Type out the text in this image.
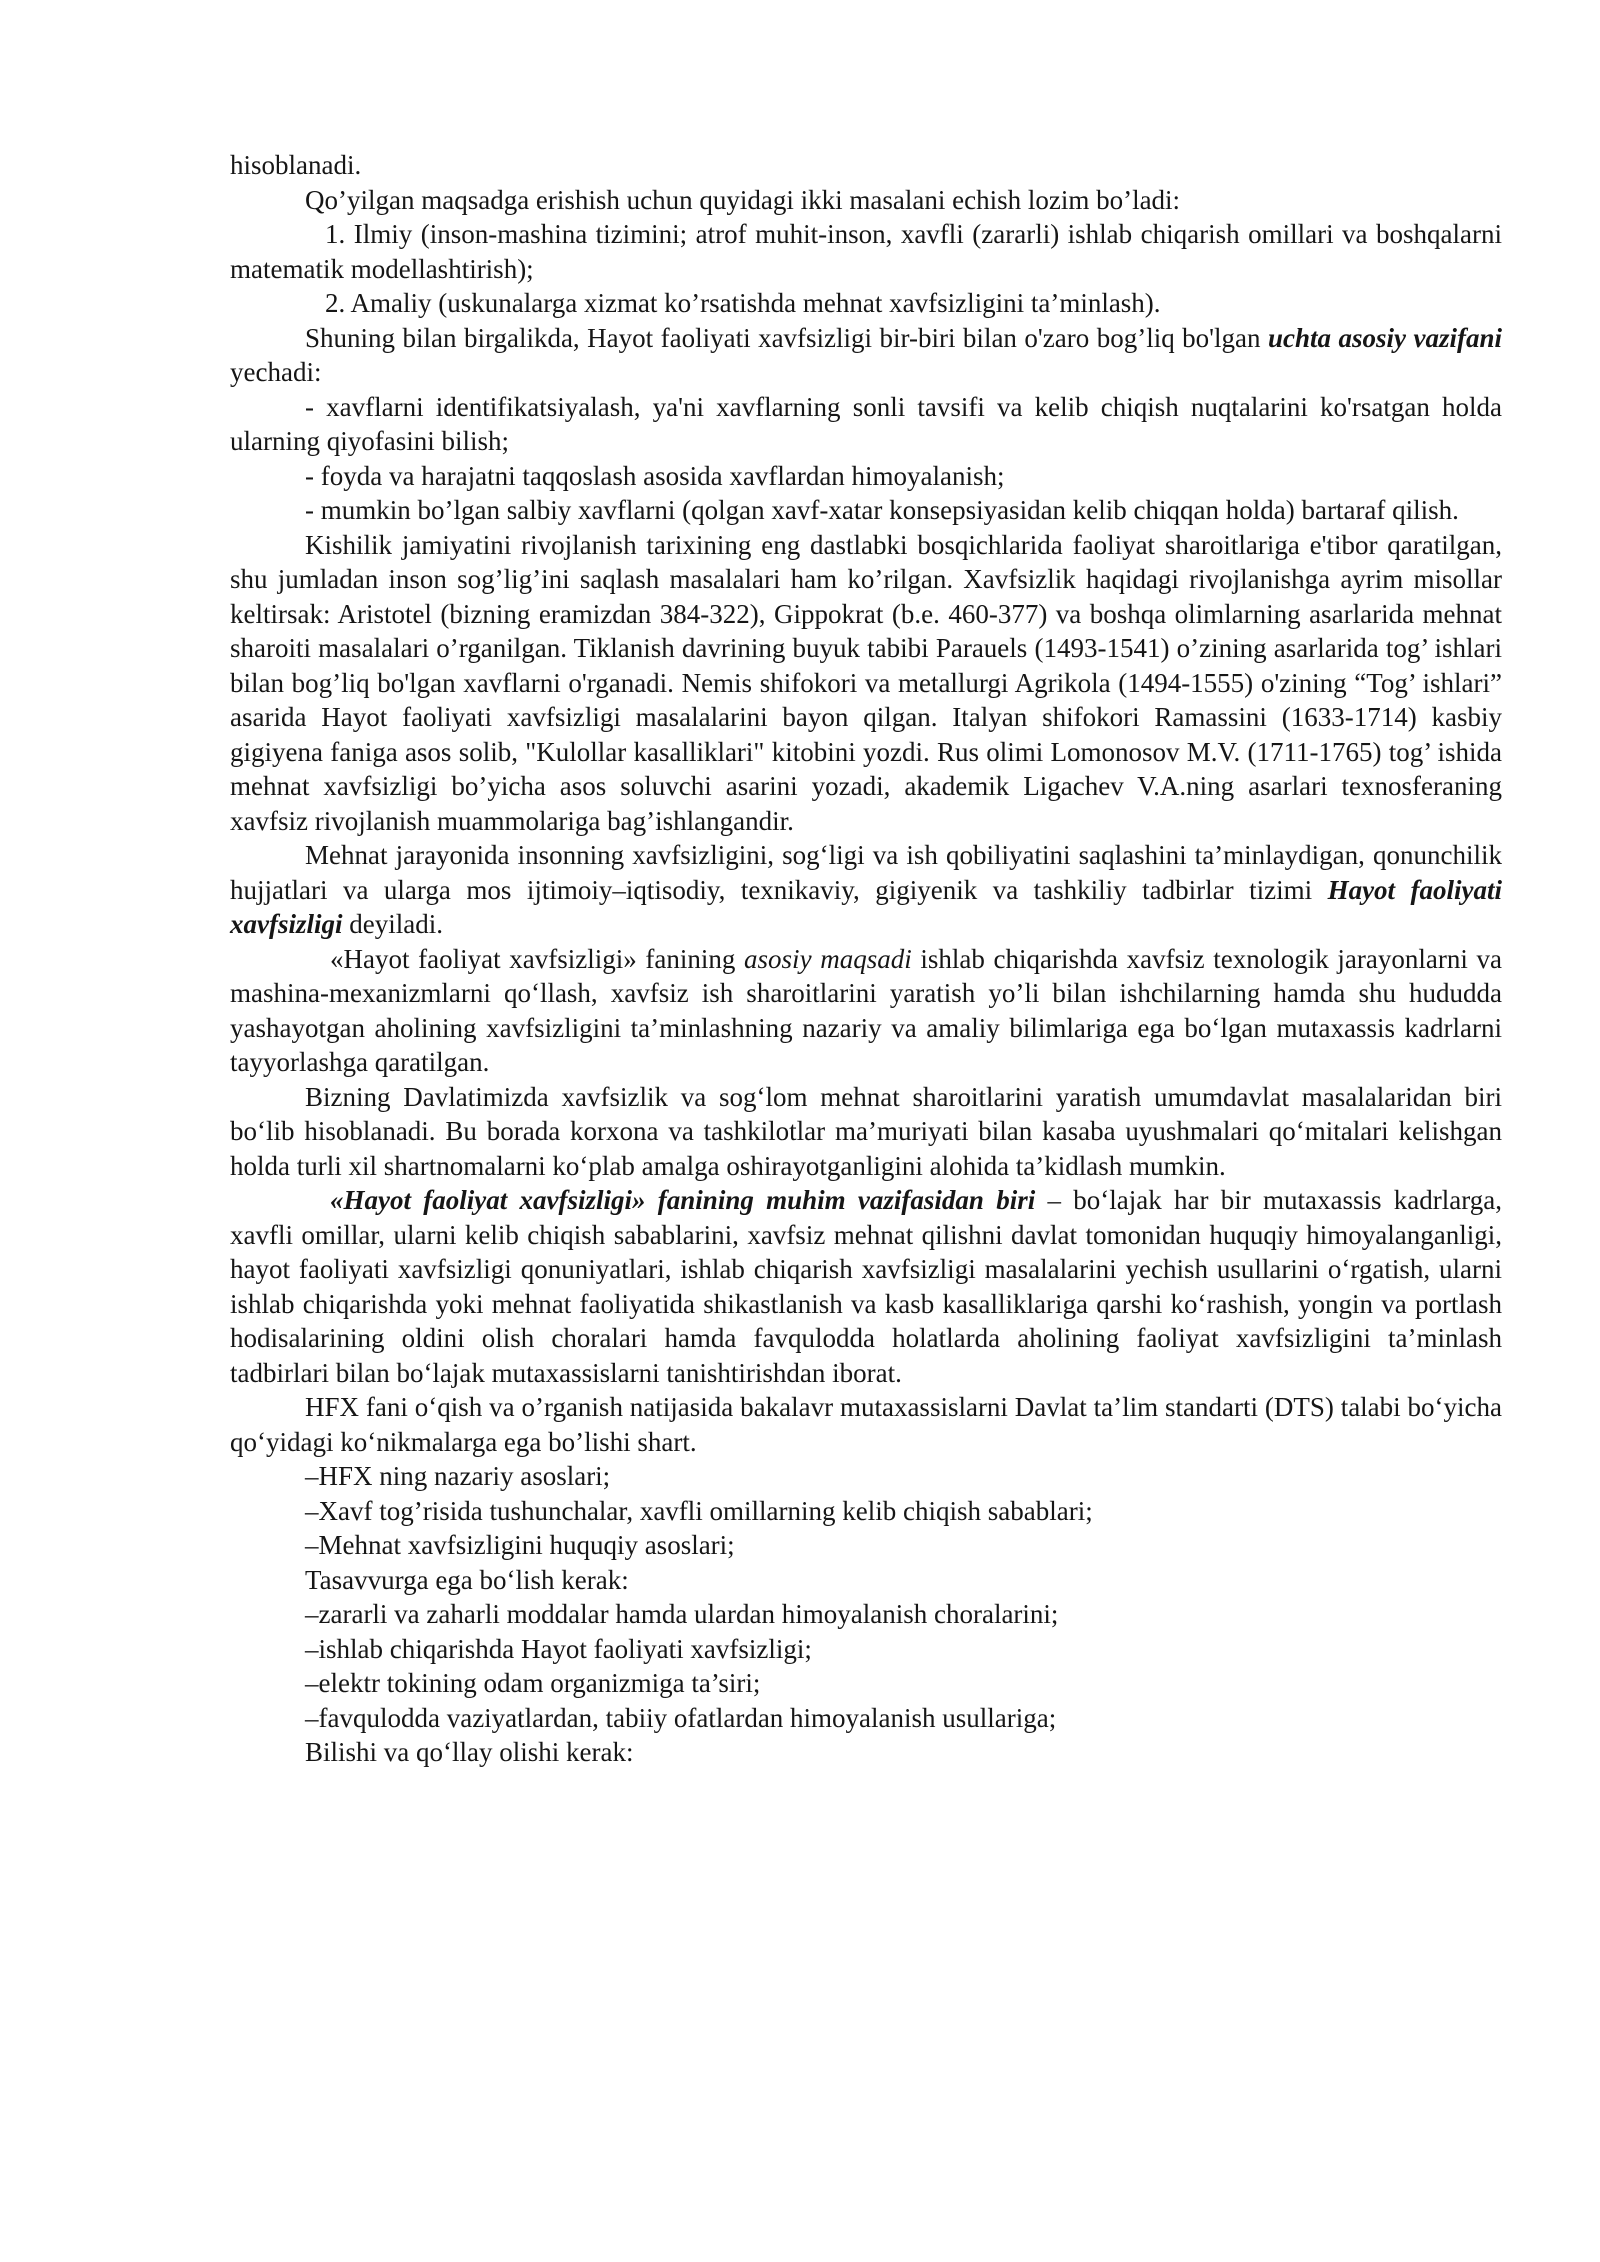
hisoblanadi.

Qo’yilgan maqsadga erishish uchun quyidagi ikki masalani echish lozim bo’ladi:

1. Ilmiy (inson-mashina tizimini; atrof muhit-inson, xavfli (zararli) ishlab chiqarish omillari va boshqalarni matematik modellashtirish);

2. Amaliy (uskunalarga xizmat ko’rsatishda mehnat xavfsizligini ta’minlash).

Shuning bilan birgalikda, Hayot faoliyati xavfsizligi bir-biri bilan o'zaro bog’liq bo'lgan uchta asosiy vazifani yechadi:

- xavflarni identifikatsiyalash, ya'ni xavflarning sonli tavsifi va kelib chiqish nuqtalarini ko'rsatgan holda ularning qiyofasini bilish;

- foyda va harajatni taqqoslash asosida xavflardan himoyalanish;

- mumkin bo’lgan salbiy xavflarni (qolgan xavf-xatar konsepsiyasidan kelib chiqqan holda) bartaraf qilish.

Kishilik jamiyatini rivojlanish tarixining eng dastlabki bosqichlarida faoliyat sharoitlariga e'tibor qaratilgan, shu jumladan inson sog’lig’ini saqlash masalalari ham ko’rilgan. Xavfsizlik haqidagi rivojlanishga ayrim misollar keltirsak: Aristotel (bizning eramizdan 384-322), Gippokrat (b.e. 460-377) va boshqa olimlarning asarlarida mehnat sharoiti masalalari o’rganilgan. Tiklanish davrining buyuk tabibi Parauels (1493-1541) o’zining asarlarida tog’ ishlari bilan bog’liq bo'lgan xavflarni o'rganadi. Nemis shifokori va metallurgi Agrikola (1494-1555) o'zining “Tog’ ishlari” asarida Hayot faoliyati xavfsizligi masalalarini bayon qilgan. Italyan shifokori Ramassini (1633-1714) kasbiy gigiyena faniga asos solib, "Kulollar kasalliklari" kitobini yozdi. Rus olimi Lomonosov M.V. (1711-1765) tog’ ishida mehnat xavfsizligi bo’yicha asos soluvchi asarini yozadi, akademik Ligachev V.A.ning asarlari texnosferaning xavfsiz rivojlanish muammolariga bag’ishlangandir.

Mehnat jarayonida insonning xavfsizligini, sog‘ligi va ish qobiliyatini saqlashini ta’minlaydigan, qonunchilik hujjatlari va ularga mos ijtimoiy–iqtisodiy, texnikaviy, gigiyenik va tashkiliy tadbirlar tizimi Hayot faoliyati xavfsizligi deyiladi.

«Hayot faoliyat xavfsizligi» fanining asosiy maqsadi ishlab chiqarishda xavfsiz texnologik jarayonlarni va mashina-mexanizmlarni qo‘llash, xavfsiz ish sharoitlarini yaratish yo’li bilan ishchilarning hamda shu hududda yashayotgan aholining xavfsizligini ta’minlashning nazariy va amaliy bilimlariga ega bo‘lgan mutaxassis kadrlarni tayyorlashga qaratilgan.

Bizning Davlatimizda xavfsizlik va sog‘lom mehnat sharoitlarini yaratish umumdavlat masalalaridan biri bo‘lib hisoblanadi. Bu borada korxona va tashkilotlar ma’muriyati bilan kasaba uyushmalari qo‘mitalari kelishgan holda turli xil shartnomalarni ko‘plab amalga oshirayotganligini alohida ta’kidlash mumkin.

«Hayot faoliyat xavfsizligi» fanining muhim vazifasidan biri – bo‘lajak har bir mutaxassis kadrlarga, xavfli omillar, ularni kelib chiqish sabablarini, xavfsiz mehnat qilishni davlat tomonidan huquqiy himoyalanganligi, hayot faoliyati xavfsizligi qonuniyatlari, ishlab chiqarish xavfsizligi masalalarini yechish usullarini o‘rgatish, ularni ishlab chiqarishda yoki mehnat faoliyatida shikastlanish va kasb kasalliklariga qarshi ko‘rashish, yongin va portlash hodisalarining oldini olish choralari hamda favqulodda holatlarda aholining faoliyat xavfsizligini ta’minlash tadbirlari bilan bo‘lajak mutaxassislarni tanishtirishdan iborat.

HFX fani o‘qish va o’rganish natijasida bakalavr mutaxassislarni Davlat ta’lim standarti (DTS) talabi bo‘yicha qo‘yidagi ko‘nikmalarga ega bo’lishi shart.

–HFX ning nazariy asoslari;

–Xavf tog’risida tushunchalar, xavfli omillarning kelib chiqish sabablari;

–Mehnat xavfsizligini huquqiy asoslari;

Tasavvurga ega bo‘lish kerak:

–zararli va zaharli moddalar hamda ulardan himoyalanish choralarini;

–ishlab chiqarishda Hayot faoliyati xavfsizligi;

–elektr tokining odam organizmiga ta’siri;

–favqulodda vaziyatlardan, tabiiy ofatlardan himoyalanish usullariga;

Bilishi va qo‘llay olishi kerak:
